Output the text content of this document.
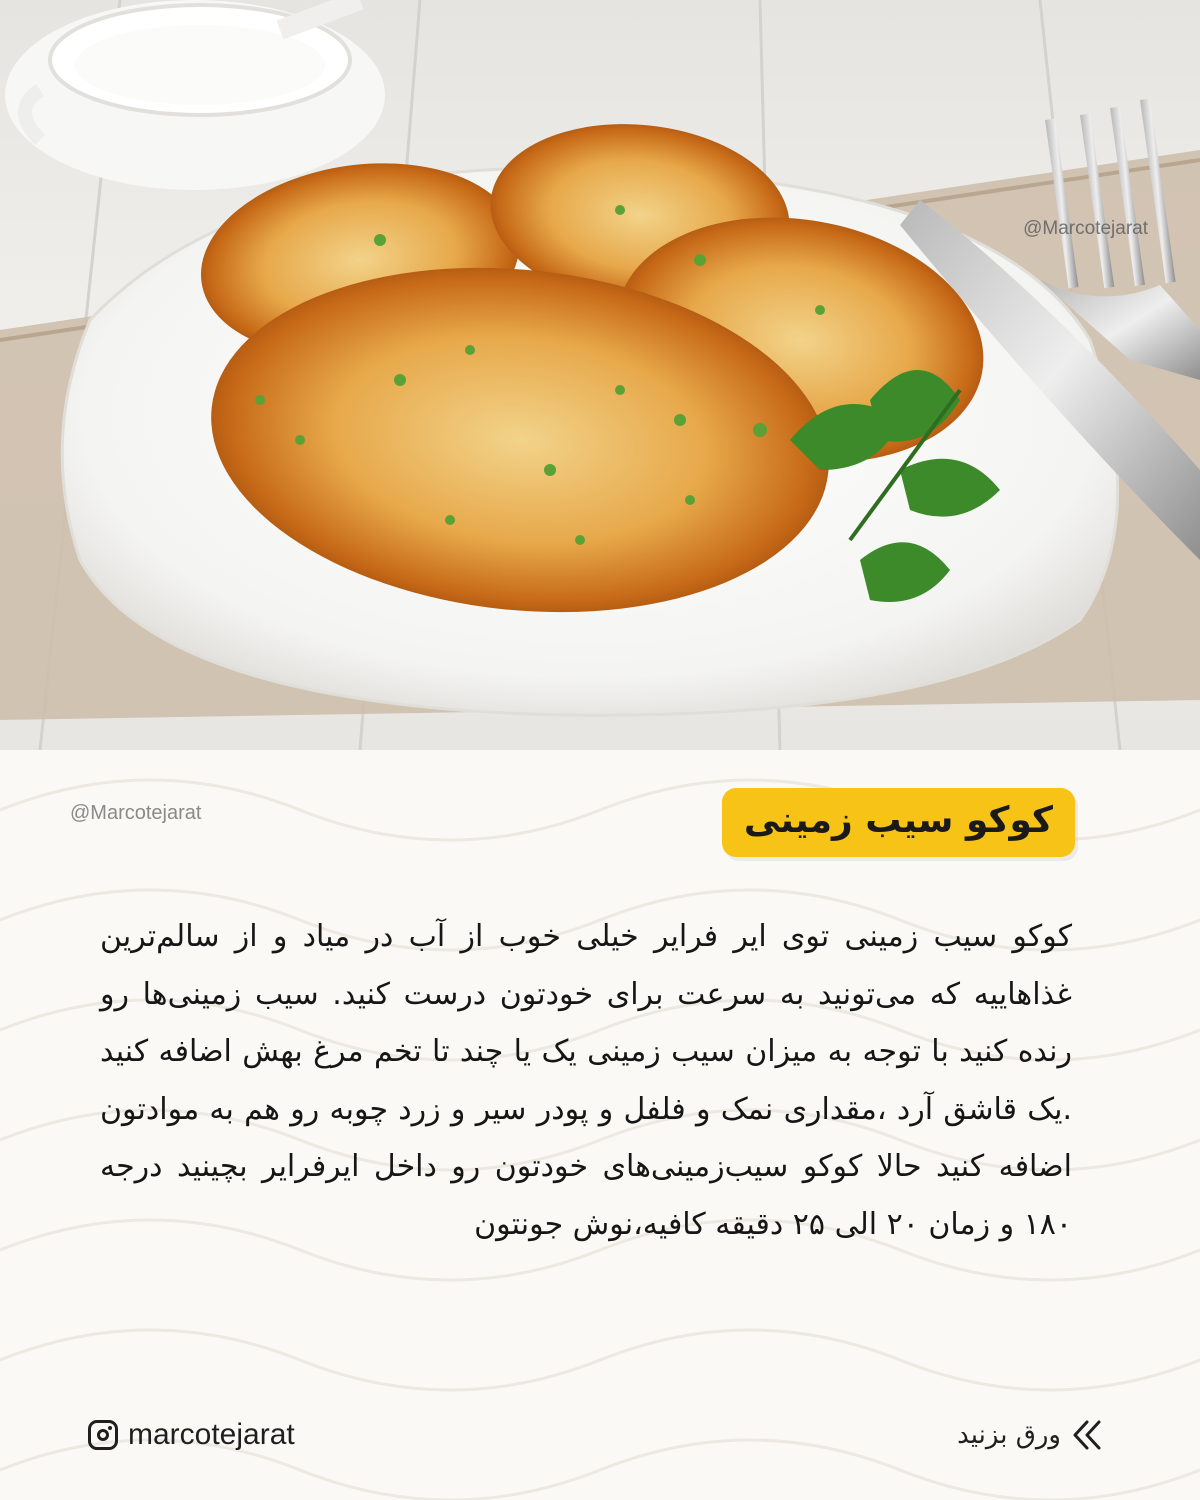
@Marcotejarat
@Marcotejarat	کوکو سیب زمینی
کوکو سیب زمینی توی ایر فرایر خیلی خوب از آب در میاد و از سالم‌ترین غذاهاییه که می‌تونید به سرعت برای خودتون درست کنید. سیب زمینی‌ها رو رنده کنید با توجه به میزان سیب زمینی یک یا چند تا تخم مرغ بهش اضافه کنید .یک قاشق آرد ،مقداری نمک و فلفل و پودر سیر و زرد چوبه رو هم به موادتون اضافه کنید حالا کوکو سیب‌زمینی‌های خودتون رو داخل ایرفرایر بچینید درجه ۱۸۰ و زمان ۲۰ الی ۲۵ دقیقه کافیه،نوش جونتون
marcotejarat	ورق بزنید
